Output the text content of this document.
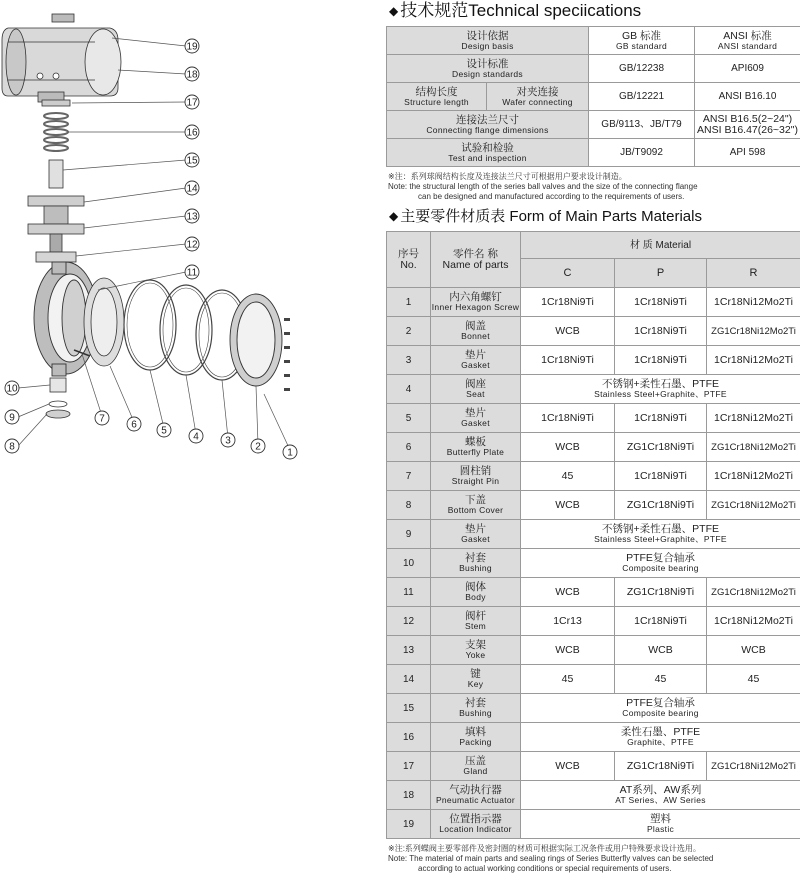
19
18
17
16
15
14
13
12
11
1
2
3
4
5
6
7
10
9
8
◆ 技术规范Technical speciications
设计依据
Design basis		GB 标准
GB standard	ANSI 标准
ANSI standard

设计标准
Design standards		GB/12238	API609

结构长度
Structure length	对夹连接
Wafer connecting	GB/12221	ANSI B16.10

连接法兰尺寸
Connecting flange dimensions		GB/9113、JB/T79	ANSI B16.5(2~24")
ANSI B16.47(26~32")

试验和检验
Test and inspection		JB/T9092	API 598
※注：系列球阀结构长度及连接法兰尺寸可根据用户要求设计制造。
Note: the structural length of the series ball valves and the size of the connecting flange
can be designed and manufactured according to the requirements of users.
◆ 主要零件材质表 Form of Main Parts Materials
序号
No.	零件名 称
Name of parts	材 质 Material		
		C	P	R
1	内六角螺钉
Inner Hexagon Screw	1Cr18Ni9Ti	1Cr18Ni9Ti	1Cr18Ni12Mo2Ti
2	阀盖
Bonnet	WCB	1Cr18Ni9Ti	ZG1Cr18Ni12Mo2Ti
3	垫片
Gasket	1Cr18Ni9Ti	1Cr18Ni9Ti	1Cr18Ni12Mo2Ti
4	阀座
Seat	不锈钢+柔性石墨、PTFE
Stainless Steel+Graphite、PTFE		

5	垫片
Gasket	1Cr18Ni9Ti	1Cr18Ni9Ti	1Cr18Ni12Mo2Ti
6	蝶板
Butterfly Plate	WCB	ZG1Cr18Ni9Ti	ZG1Cr18Ni12Mo2Ti
7	圆柱销
Straight Pin	45	1Cr18Ni9Ti	1Cr18Ni12Mo2Ti
8	下盖
Bottom Cover	WCB	ZG1Cr18Ni9Ti	ZG1Cr18Ni12Mo2Ti
9	垫片
Gasket	不锈钢+柔性石墨、PTFE
Stainless Steel+Graphite、PTFE		

10	衬套
Bushing	PTFE复合轴承
Composite bearing		

11	阀体
Body	WCB	ZG1Cr18Ni9Ti	ZG1Cr18Ni12Mo2Ti
12	阀杆
Stem	1Cr13	1Cr18Ni9Ti	1Cr18Ni12Mo2Ti
13	支架
Yoke	WCB	WCB	WCB
14	键
Key	45	45	45
15	衬套
Bushing	PTFE复合轴承
Composite bearing		

16	填料
Packing	柔性石墨、PTFE
Graphite、PTFE		

17	压盖
Gland	WCB	ZG1Cr18Ni9Ti	ZG1Cr18Ni12Mo2Ti
18	气动执行器
Pneumatic Actuator	AT系列、AW系列
AT Series、AW Series		

19	位置指示器
Location Indicator	塑料
Plastic		
※注:系列蝶阀主要零部件及密封圈的材质可根据实际工况条件或用户特殊要求设计选用。
Note: The material of main parts and sealing rings of Series Butterfly valves can be selected
according to actual working conditions or special requirements of users.
